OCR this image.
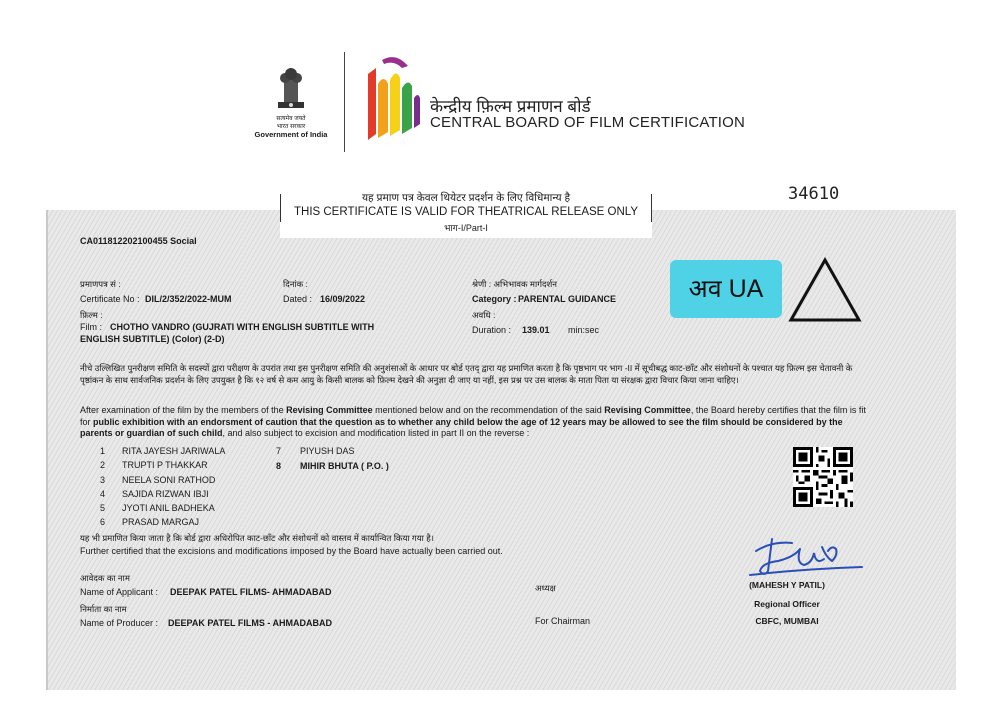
सत्यमेव जयते
भारत सरकार
Government of India
केन्द्रीय फ़िल्म प्रमाणन बोर्ड
CENTRAL BOARD OF FILM CERTIFICATION
यह प्रमाण पत्र केवल थियेटर प्रदर्शन के लिए विधिमान्य है
THIS CERTIFICATE IS VALID FOR THEATRICAL RELEASE ONLY
भाग-I/Part-I
34610
CA011812202100455 Social
प्रमाणपत्र सं :
Certificate No : DIL/2/352/2022-MUM
दिनांक :
Dated : 16/09/2022
श्रेणी : अभिभावक मार्गदर्शन
Category : PARENTAL GUIDANCE
फ़िल्म :
Film : CHOTHO VANDRO (GUJRATI WITH ENGLISH SUBTITLE WITH
ENGLISH SUBTITLE) (Color) (2-D)
अवधि :
Duration : 139.01 min:sec
अव UA
नीचे उल्लिखित पुनरीक्षण समिति के सदस्यों द्वारा परीक्षण के उपरांत तथा इस पुनरीक्षण समिति की अनुशंसाओं के आधार पर बोर्ड एतद् द्वारा यह प्रमाणित करता है कि पृष्ठभाग पर भाग -II में सूचीबद्ध काट-छाँट और संशोधनों के पश्चात यह फ़िल्म इस चेतावनी के पृष्ठांकन के साथ सार्वजनिक प्रदर्शन के लिए उपयुक्त है कि १२ वर्ष से कम आयु के किसी बालक को फ़िल्म देखने की अनुज्ञा दी जाए या नहीं, इस प्रश्न पर उस बालक के माता पिता या संरक्षक द्वारा विचार किया जाना चाहिए।
After examination of the film by the members of the Revising Committee mentioned below and on the recommendation of the said Revising Committee, the Board hereby certifies that the film is fit for public exhibition with an endorsment of caution that the question as to whether any child below the age of 12 years may be allowed to see the film should be considered by the parents or guardian of such child, and also subject to excision and modification listed in part II on the reverse :
1 RITA JAYESH JARIWALA
2 TRUPTI P THAKKAR
3 NEELA SONI RATHOD
4 SAJIDA RIZWAN IBJI
5 JYOTI ANIL BADHEKA
6 PRASAD MARGAJ
7 PIYUSH DAS
8 MIHIR BHUTA ( P.O. )
यह भी प्रमाणित किया जाता है कि बोर्ड द्वारा अधिरोपित काट-छाँट और संशोधनों को वास्तव में कार्यान्वित किया गया है।
Further certified that the excisions and modifications imposed by the Board have actually been carried out.
आवेदक का नाम
Name of Applicant : DEEPAK PATEL FILMS- AHMADABAD
निर्माता का नाम
Name of Producer : DEEPAK PATEL FILMS - AHMADABAD
अध्यक्ष
For Chairman
(MAHESH Y PATIL)
Regional Officer
CBFC, MUMBAI
